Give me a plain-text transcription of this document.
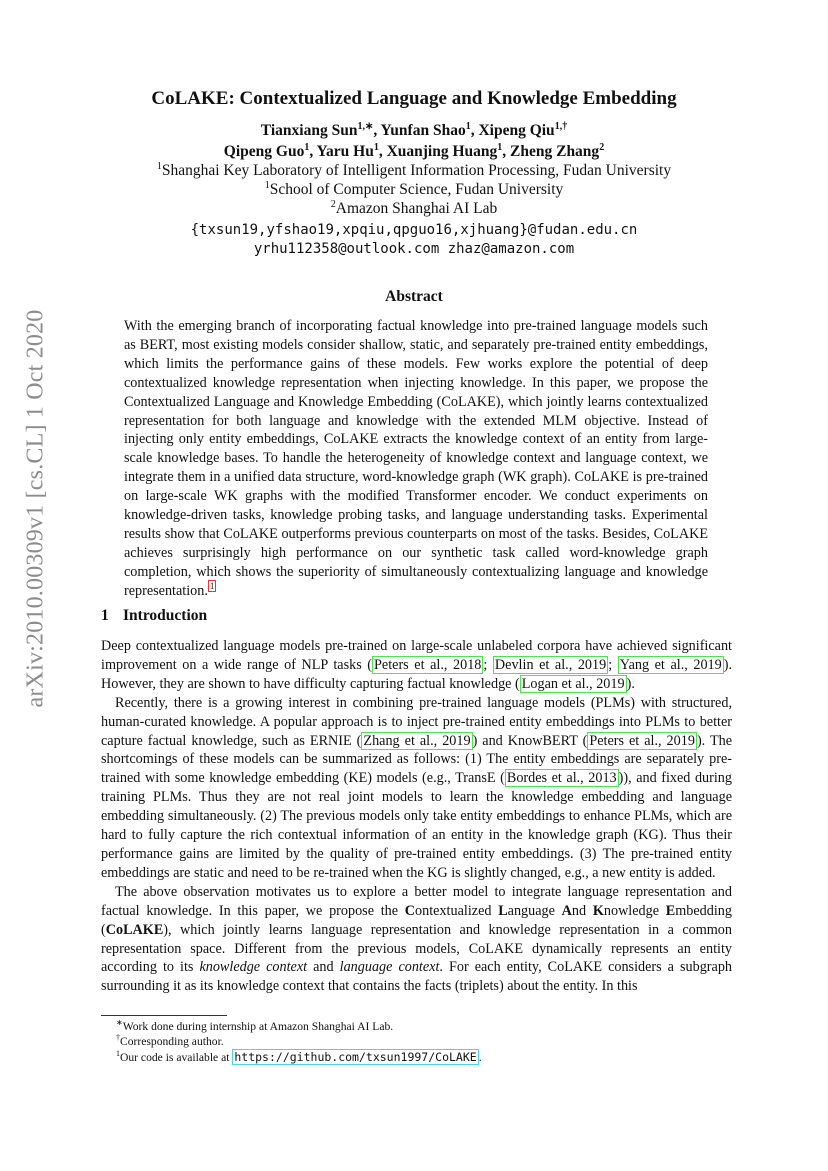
arXiv:2010.00309v1 [cs.CL] 1 Oct 2020
CoLAKE: Contextualized Language and Knowledge Embedding
Tianxiang Sun$^{1,∗}$, Yunfan Shao$^1$, Xipeng Qiu$^{1,\dagger}$
Qipeng Guo$^1$, Yaru Hu$^1$, Xuanjing Huang$^1$, Zheng Zhang$^2$
$^1$Shanghai Key Laboratory of Intelligent Information Processing, Fudan University
$^1$School of Computer Science, Fudan University
$^2$Amazon Shanghai AI Lab
{txsun19,yfshao19,xpqiu,qpguo16,xjhuang}@fudan.edu.cn
yrhu112358@outlook.com zhaz@amazon.com
Abstract
With the emerging branch of incorporating factual knowledge into pre-trained language models such as BERT, most existing models consider shallow, static, and separately pre-trained entity embeddings, which limits the performance gains of these models. Few works explore the potential of deep contextualized knowledge representation when injecting knowledge. In this paper, we propose the Contextualized Language and Knowledge Embedding (CoLAKE), which jointly learns contextualized representation for both language and knowledge with the extended MLM objective. Instead of injecting only entity embeddings, CoLAKE extracts the knowledge context of an entity from large-scale knowledge bases. To handle the heterogeneity of knowledge context and language context, we integrate them in a unified data structure, word-knowledge graph (WK graph). CoLAKE is pre-trained on large-scale WK graphs with the modified Transformer encoder. We conduct experiments on knowledge-driven tasks, knowledge probing tasks, and language understanding tasks. Experimental results show that CoLAKE outperforms previous counterparts on most of the tasks. Besides, CoLAKE achieves surprisingly high performance on our synthetic task called word-knowledge graph completion, which shows the superiority of simultaneously contextualizing language and knowledge representation. $^1$
1 Introduction

Deep contextualized language models pre-trained on large-scale unlabeled corpora have achieved significant improvement on a wide range of NLP tasks ( Peters et al., 2018 ; Devlin et al., 2019 ; Yang et al., 2019 ). However, they are shown to have difficulty capturing factual knowledge ( Logan et al., 2019 ).

Recently, there is a growing interest in combining pre-trained language models (PLMs) with structured, human-curated knowledge. A popular approach is to inject pre-trained entity embeddings into PLMs to better capture factual knowledge, such as ERNIE ( Zhang et al., 2019 ) and KnowBERT ( Peters et al., 2019 ). The shortcomings of these models can be summarized as follows: (1) The entity embeddings are separately pre-trained with some knowledge embedding (KE) models (e.g., TransE ( Bordes et al., 2013 )), and fixed during training PLMs. Thus they are not real joint models to learn the knowledge embedding and language embedding simultaneously. (2) The previous models only take entity embeddings to enhance PLMs, which are hard to fully capture the rich contextual information of an entity in the knowledge graph (KG). Thus their performance gains are limited by the quality of pre-trained entity embeddings. (3) The pre-trained entity embeddings are static and need to be re-trained when the KG is slightly changed, e.g., a new entity is added.

The above observation motivates us to explore a better model to integrate language representation and factual knowledge. In this paper, we propose the Contextualized Language And Knowledge Embedding (CoLAKE), which jointly learns language representation and knowledge representation in a common representation space. Different from the previous models, CoLAKE dynamically represents an entity according to its knowledge context and language context. For each entity, CoLAKE considers a subgraph surrounding it as its knowledge context that contains the facts (triplets) about the entity. In this

∗Work done during internship at Amazon Shanghai AI Lab.
†Corresponding author.
$^1$Our code is available at https://github.com/txsun1997/CoLAKE .
